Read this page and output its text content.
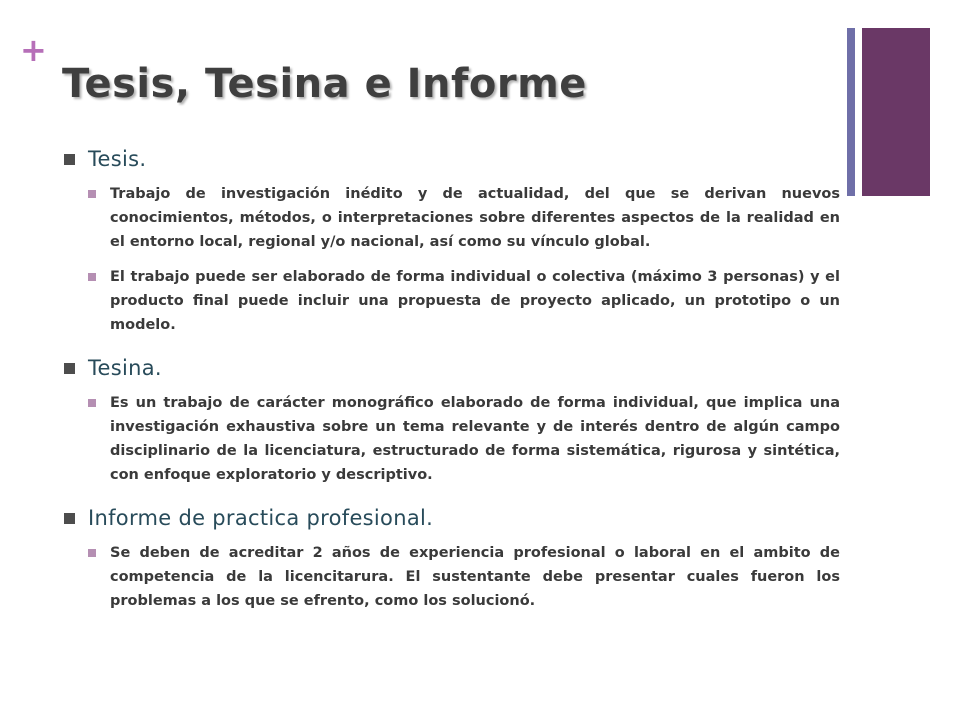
+
Tesis, Tesina e Informe
Tesis.
Trabajo de investigación inédito y de actualidad, del que se derivan nuevos conocimientos, métodos, o interpretaciones sobre diferentes aspectos de la realidad en el entorno local, regional y/o nacional, así como su vínculo global.
El trabajo puede ser elaborado de forma individual o colectiva (máximo 3 personas) y el producto final puede incluir una propuesta de proyecto aplicado, un prototipo o un modelo.
Tesina.
Es un trabajo de carácter monográfico elaborado de forma individual, que implica una investigación exhaustiva sobre un tema relevante y de interés dentro de algún campo disciplinario de la licenciatura, estructurado de forma sistemática, rigurosa y sintética, con enfoque exploratorio y descriptivo.
Informe de practica profesional.
Se deben de acreditar 2 años de experiencia profesional o laboral en el ambito de competencia de la licencitarura. El sustentante debe presentar cuales fueron los problemas a los que se efrento, como los solucionó.
